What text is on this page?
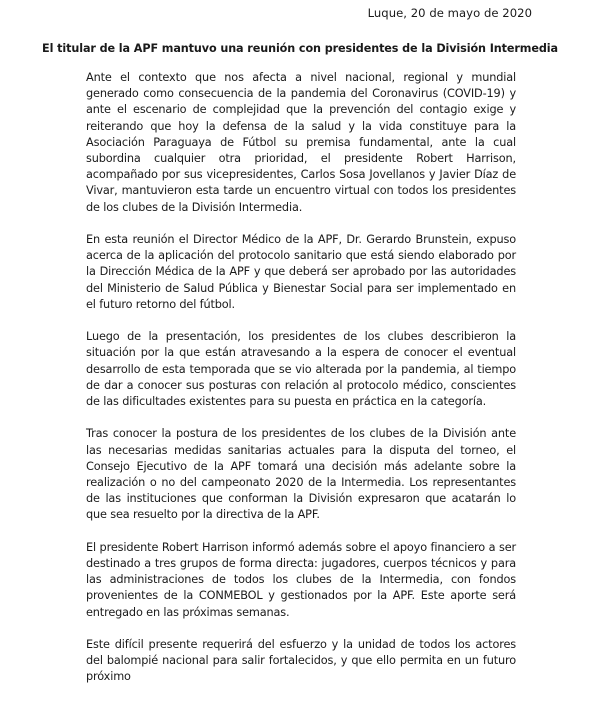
Luque, 20 de mayo de 2020
El titular de la APF mantuvo una reunión con presidentes de la División Intermedia

Ante el contexto que nos afecta a nivel nacional, regional y mundial generado como consecuencia de la pandemia del Coronavirus (COVID-19) y ante el escenario de complejidad que la prevención del contagio exige y reiterando que hoy la defensa de la salud y la vida constituye para la Asociación Paraguaya de Fútbol su premisa fundamental, ante la cual subordina cualquier otra prioridad, el presidente Robert Harrison, acompañado por sus vicepresidentes, Carlos Sosa Jovellanos y Javier Díaz de Vivar, mantuvieron esta tarde un encuentro virtual con todos los presidentes de los clubes de la División Intermedia.

En esta reunión el Director Médico de la APF, Dr. Gerardo Brunstein, expuso acerca de la aplicación del protocolo sanitario que está siendo elaborado por la Dirección Médica de la APF y que deberá ser aprobado por las autoridades del Ministerio de Salud Pública y Bienestar Social para ser implementado en el futuro retorno del fútbol.

Luego de la presentación, los presidentes de los clubes describieron la situación por la que están atravesando a la espera de conocer el eventual desarrollo de esta temporada que se vio alterada por la pandemia, al tiempo de dar a conocer sus posturas con relación al protocolo médico, conscientes de las dificultades existentes para su puesta en práctica en la categoría.

Tras conocer la postura de los presidentes de los clubes de la División ante las necesarias medidas sanitarias actuales para la disputa del torneo, el Consejo Ejecutivo de la APF tomará una decisión más adelante sobre la realización o no del campeonato 2020 de la Intermedia. Los representantes de las instituciones que conforman la División expresaron que acatarán lo que sea resuelto por la directiva de la APF.

El presidente Robert Harrison informó además sobre el apoyo financiero a ser destinado a tres grupos de forma directa: jugadores, cuerpos técnicos y para las administraciones de todos los clubes de la Intermedia, con fondos provenientes de la CONMEBOL y gestionados por la APF. Este aporte será entregado en las próximas semanas.

Este difícil presente requerirá del esfuerzo y la unidad de todos los actores del balompié nacional para salir fortalecidos, y que ello permita en un futuro próximo
